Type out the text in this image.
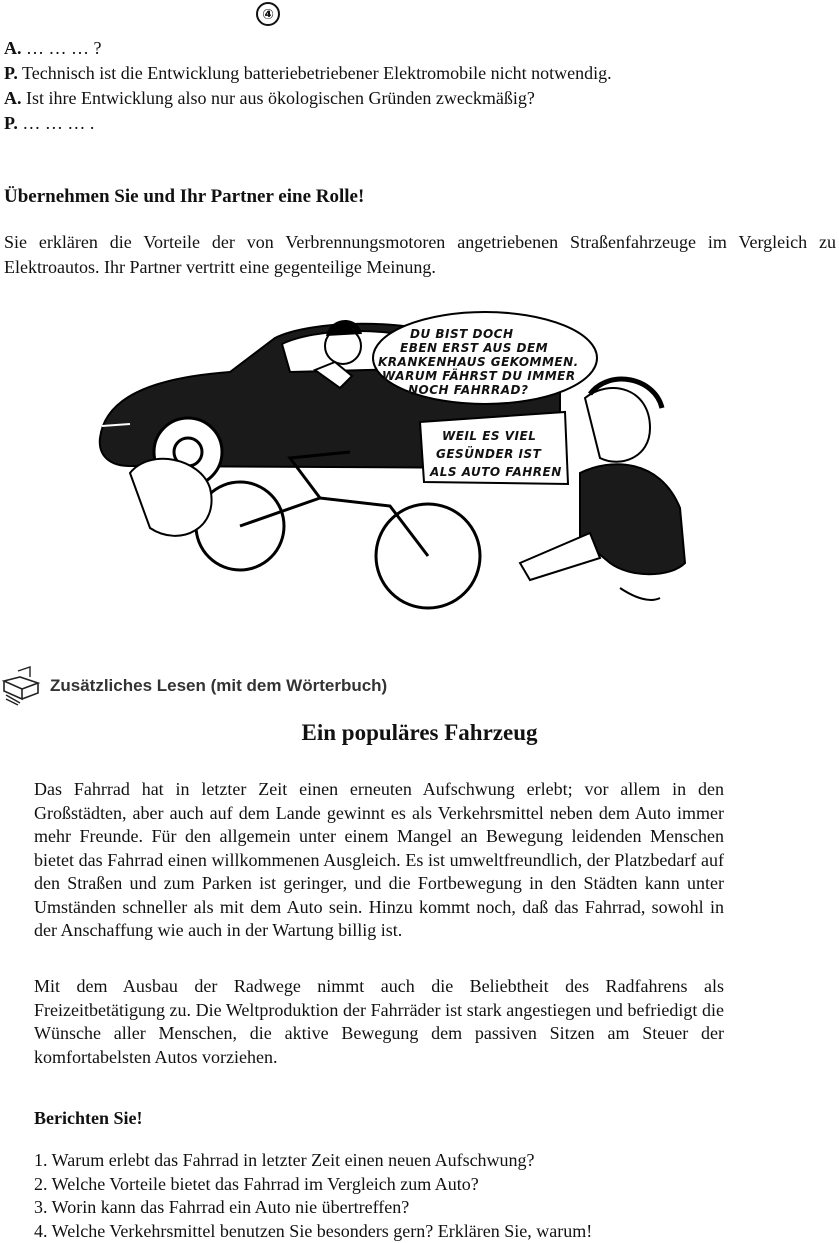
④
A. … … … ?
P. Technisch ist die Entwicklung batteriebetriebener Elektromobile nicht notwendig.
A. Ist ihre Entwicklung also nur aus ökologischen Gründen zweckmäßig?
P. … … … .
Übernehmen Sie und Ihr Partner eine Rolle!
Sie erklären die Vorteile der von Verbrennungsmotoren angetriebenen Straßenfahrzeuge im Vergleich zu Elektroautos. Ihr Partner vertritt eine gegenteilige Meinung.
DU BIST DOCH
EBEN ERST AUS DEM
KRANKENHAUS GEKOMMEN.
WARUM FÄHRST DU IMMER
NOCH FAHRRAD?
WEIL ES VIEL
GESÜNDER IST
ALS AUTO FAHREN
Zusätzliches Lesen (mit dem Wörterbuch)
Ein populäres Fahrzeug
Das Fahrrad hat in letzter Zeit einen erneuten Aufschwung erlebt; vor allem in den Großstädten, aber auch auf dem Lande gewinnt es als Verkehrsmittel neben dem Auto immer mehr Freunde. Für den allgemein unter einem Mangel an Bewegung leidenden Menschen bietet das Fahrrad einen willkommenen Ausgleich. Es ist umweltfreundlich, der Platzbedarf auf den Straßen und zum Parken ist geringer, und die Fortbewegung in den Städten kann unter Umständen schneller als mit dem Auto sein. Hinzu kommt noch, daß das Fahrrad, sowohl in der Anschaffung wie auch in der Wartung billig ist.
Mit dem Ausbau der Radwege nimmt auch die Beliebtheit des Radfahrens als Freizeitbetätigung zu. Die Weltproduktion der Fahrräder ist stark angestiegen und befriedigt die Wünsche aller Menschen, die aktive Bewegung dem passiven Sitzen am Steuer der komfortabelsten Autos vorziehen.
Berichten Sie!
1. Warum erlebt das Fahrrad in letzter Zeit einen neuen Aufschwung?
2. Welche Vorteile bietet das Fahrrad im Vergleich zum Auto?
3. Worin kann das Fahrrad ein Auto nie übertreffen?
4. Welche Verkehrsmittel benutzen Sie besonders gern? Erklären Sie, warum!
